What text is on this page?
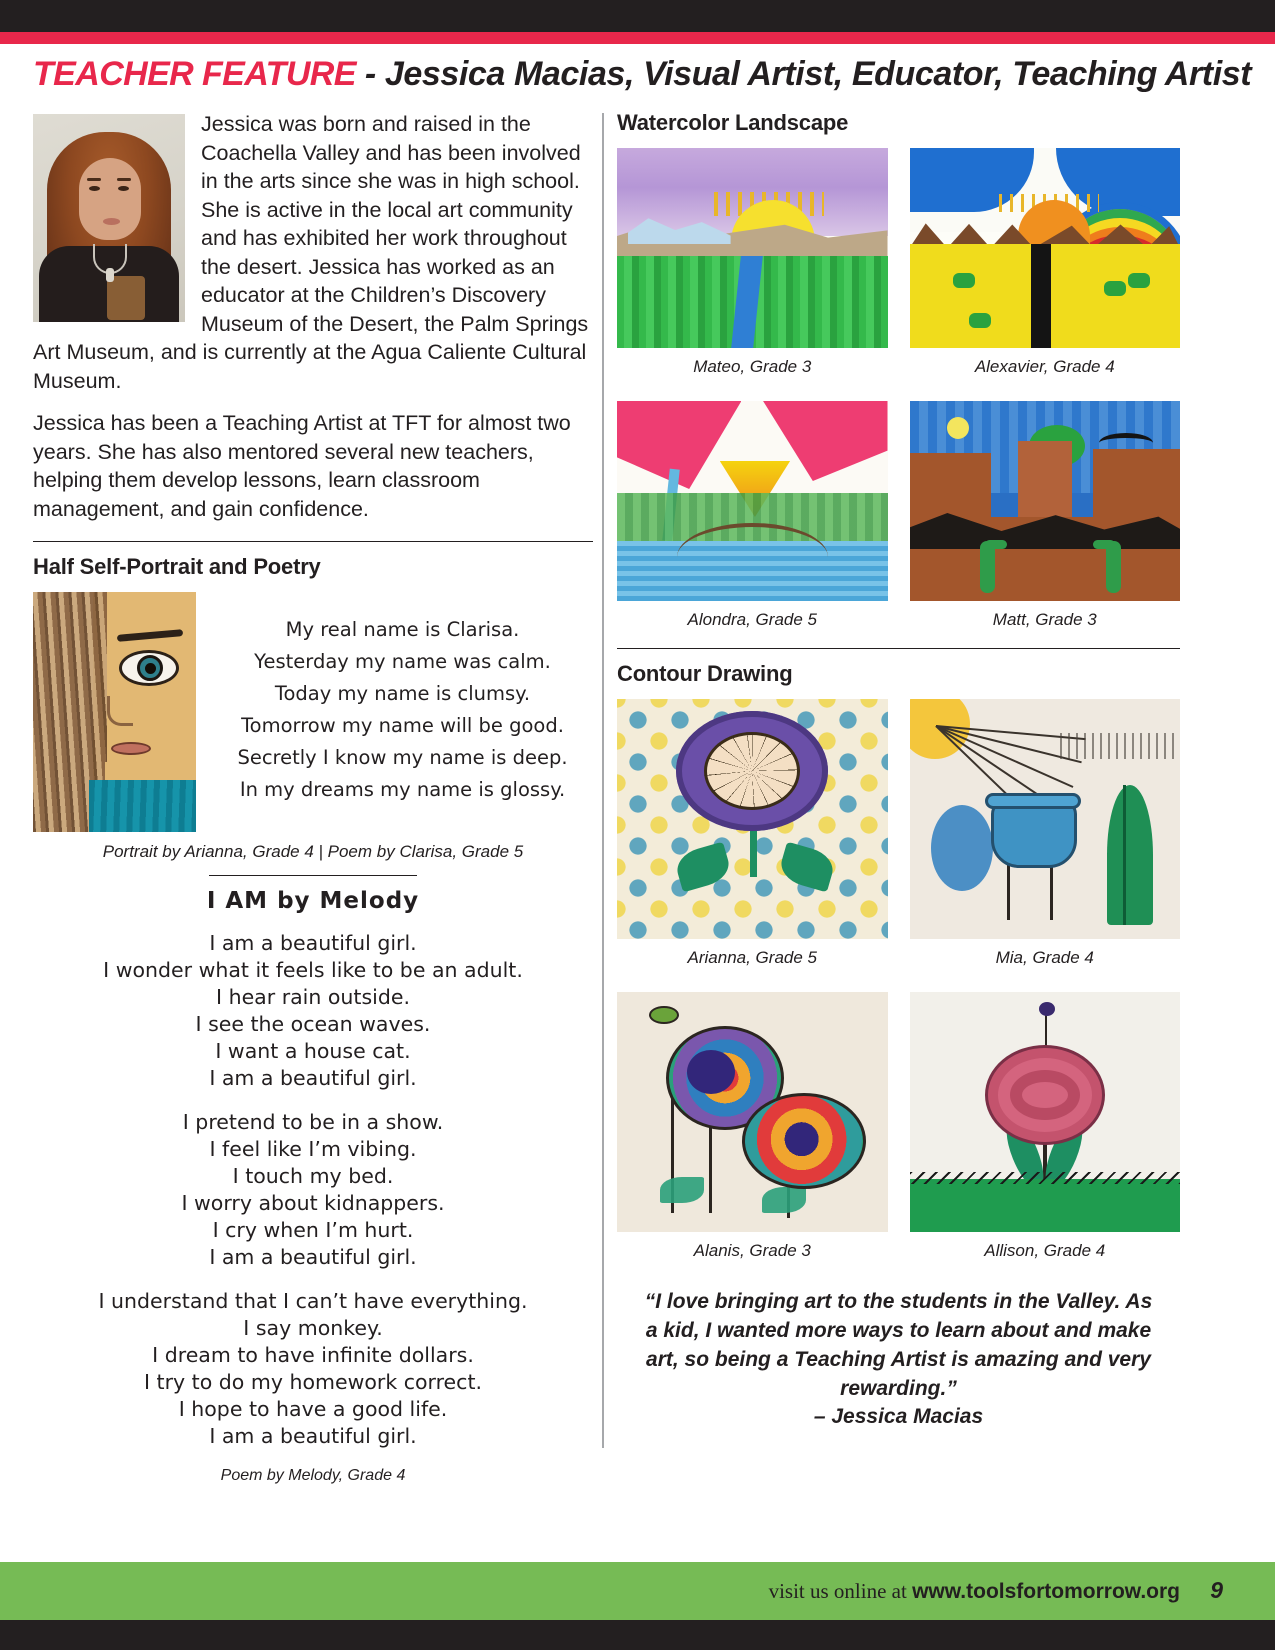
TEACHER FEATURE - Jessica Macias, Visual Artist, Educator, Teaching Artist

Jessica was born and raised in the Coachella Valley and has been involved in the arts since she was in high school. She is active in the local art community and has exhibited her work throughout the desert. Jessica has worked as an educator at the Children’s Discovery Museum of the Desert, the Palm Springs Art Museum, and is currently at the Agua Caliente Cultural Museum.

Jessica has been a Teaching Artist at TFT for almost two years. She has also mentored several new teachers, helping them develop lessons, learn classroom management, and gain confidence.

Half Self-Portrait and Poetry
My real name is Clarisa.
Yesterday my name was calm.
Today my name is clumsy.
Tomorrow my name will be good.
Secretly I know my name is deep.
In my dreams my name is glossy.
Portrait by Arianna, Grade 4 | Poem by Clarisa, Grade 5
I AM by Melody
I am a beautiful girl.
I wonder what it feels like to be an adult.
I hear rain outside.
I see the ocean waves.
I want a house cat.
I am a beautiful girl.
I pretend to be in a show.
I feel like I’m vibing.
I touch my bed.
I worry about kidnappers.
I cry when I’m hurt.
I am a beautiful girl.
I understand that I can’t have everything.
I say monkey.
I dream to have infinite dollars.
I try to do my homework correct.
I hope to have a good life.
I am a beautiful girl.
Poem by Melody, Grade 4
Watercolor Landscape
Mateo, Grade 3	Alexavier, Grade 4
Alondra, Grade 5	Matt, Grade 3
Contour Drawing
Arianna, Grade 5	Mia, Grade 4
Alanis, Grade 3	Allison, Grade 4
“I love bringing art to the students in the Valley. As a kid, I wanted more ways to learn about and make art, so being a Teaching Artist is amazing and very rewarding.”
– Jessica Macias
visit us online at www.toolsfortomorrow.org 9
